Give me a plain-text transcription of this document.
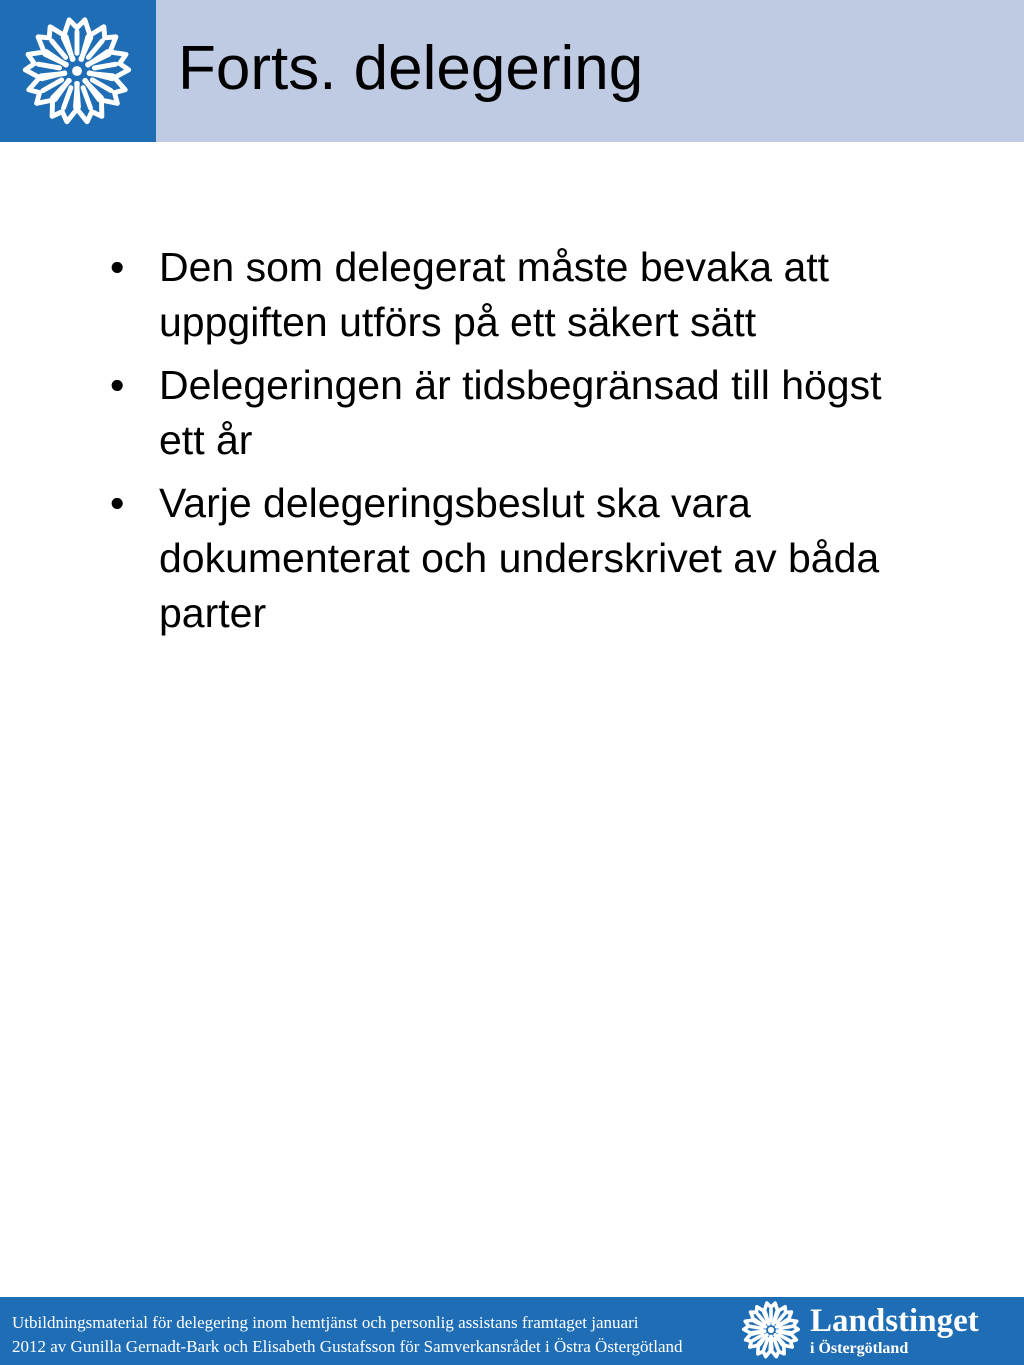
Forts. delegering
• Den som delegerat måste bevaka att uppgiften utförs på ett säkert sätt
• Delegeringen är tidsbegränsad till högst ett år
• Varje delegeringsbeslut ska vara dokumenterat och underskrivet av båda parter
Utbildningsmaterial för delegering inom hemtjänst och personlig assistans framtaget januari
2012 av Gunilla Gernadt-Bark och Elisabeth Gustafsson för Samverkansrådet i Östra Östergötland
Landstinget
i Östergötland
